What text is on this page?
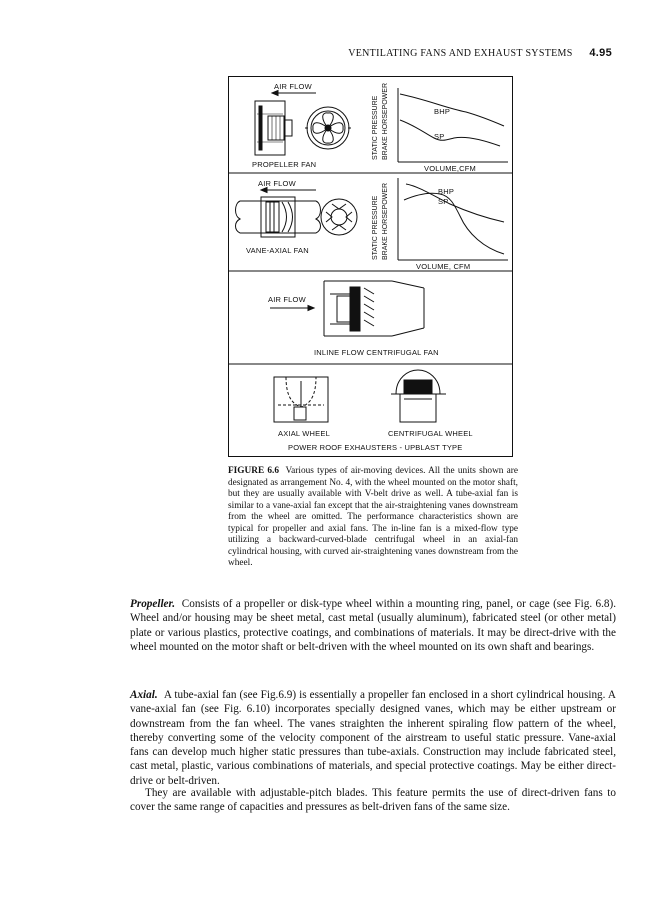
VENTILATING FANS AND EXHAUST SYSTEMS 4.95
AIR FLOW
PROPELLER FAN
STATIC PRESSURE BRAKE HORSEPOWER	BHP
SP
VOLUME,CFM
AIR FLOW
VANE-AXIAL FAN	STATIC PRESSURE BRAKE HORSEPOWER	BHP
SP
VOLUME, CFM
AIR FLOW
INLINE FLOW CENTRIFUGAL FAN
AXIAL WHEEL	CENTRIFUGAL WHEEL
POWER ROOF EXHAUSTERS - UPBLAST TYPE
FIGURE 6.6 Various types of air-moving devices. All the units shown are designated as arrangement No. 4, with the wheel mounted on the motor shaft, but they are usually available with V-belt drive as well. A tube-axial fan is similar to a vane-axial fan except that the air-straightening vanes downstream from the wheel are omitted. The performance characteristics shown are typical for propeller and axial fans. The in-line fan is a mixed-flow type utilizing a backward-curved-blade centrifugal wheel in an axial-fan cylindrical housing, with curved air-straightening vanes downstream from the wheel.
Propeller. Consists of a propeller or disk-type wheel within a mounting ring, panel, or cage (see Fig. 6.8). Wheel and/or housing may be sheet metal, cast metal (usually aluminum), fabricated steel (or other metal) plate or various plastics, protective coatings, and combinations of materials. It may be direct-drive with the wheel mounted on the motor shaft or belt-driven with the wheel mounted on its own shaft and bearings.
Axial. A tube-axial fan (see Fig.6.9) is essentially a propeller fan enclosed in a short cylindrical housing. A vane-axial fan (see Fig. 6.10) incorporates specially designed vanes, which may be either upstream or downstream from the fan wheel. The vanes straighten the inherent spiraling flow pattern of the wheel, thereby converting some of the velocity component of the airstream to useful static pressure. Vane-axial fans can develop much higher static pressures than tube-axials. Construction may include fabricated steel, cast metal, plastic, various combinations of materials, and special protective coatings. May be either direct-drive or belt-driven.
They are available with adjustable-pitch blades. This feature permits the use of direct-driven fans to cover the same range of capacities and pressures as belt-driven fans of the same size.
